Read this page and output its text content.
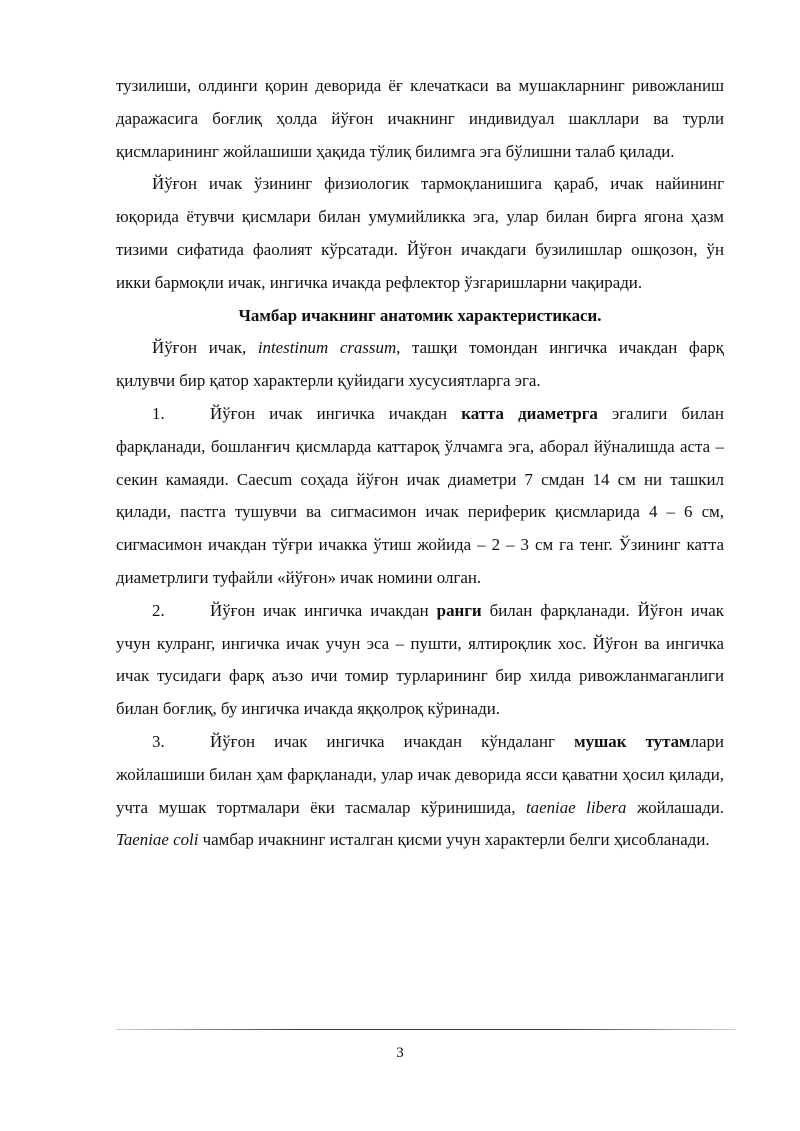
тузилиши, олдинги қорин деворида ёғ клечаткаси ва мушакларнинг ривожланиш даражасига боғлиқ ҳолда йўғон ичакнинг индивидуал шакллари ва турли қисмларининг жойлашиши ҳақида тўлиқ билимга эга бўлишни талаб қилади.

Йўғон ичак ўзининг физиологик тармоқланишига қараб, ичак найининг юқорида ётувчи қисмлари билан умумийликка эга, улар билан бирга ягона ҳазм тизими сифатида фаолият кўрсатади. Йўғон ичакдаги бузилишлар ошқозон, ўн икки бармоқли ичак, ингичка ичакда рефлектор ўзгаришларни чақиради.

Чамбар ичакнинг анатомик характеристикаси.

Йўғон ичак, intestinum crassum, ташқи томондан ингичка ичакдан фарқ қилувчи бир қатор характерли қуйидаги хусусиятларга эга.

1.	Йўғон ичак ингичка ичакдан катта диаметрга эгалиги билан фарқланади, бошланғич қисмларда каттароқ ўлчамга эга, аборал йўналишда аста – секин камаяди. Caecum соҳада йўғон ичак диаметри 7 смдан 14 см ни ташкил қилади, пастга тушувчи ва сигмасимон ичак периферик қисмларида 4 – 6 см, сигмасимон ичакдан тўғри ичакка ўтиш жойида – 2 – 3 см га тенг. Ўзининг катта диаметрлиги туфайли «йўғон» ичак номини олган.

2.	Йўғон ичак ингичка ичакдан ранги билан фарқланади. Йўғон ичак учун кулранг, ингичка ичак учун эса – пушти, ялтироқлик хос. Йўғон ва ингичка ичак тусидаги фарқ аъзо ичи томир турларининг бир хилда ривожланмаганлиги билан боғлиқ, бу ингичка ичакда яққолроқ кўринади.

3.	Йўғон ичак ингичка ичакдан кўндаланг мушак тутамлари жойлашиши билан ҳам фарқланади, улар ичак деворида ясси қаватни ҳосил қилади, учта мушак тортмалари ёки тасмалар кўринишида, taeniae libera жойлашади. Taeniae coli чамбар ичакнинг исталган қисми учун характерли белги ҳисобланади.

3
